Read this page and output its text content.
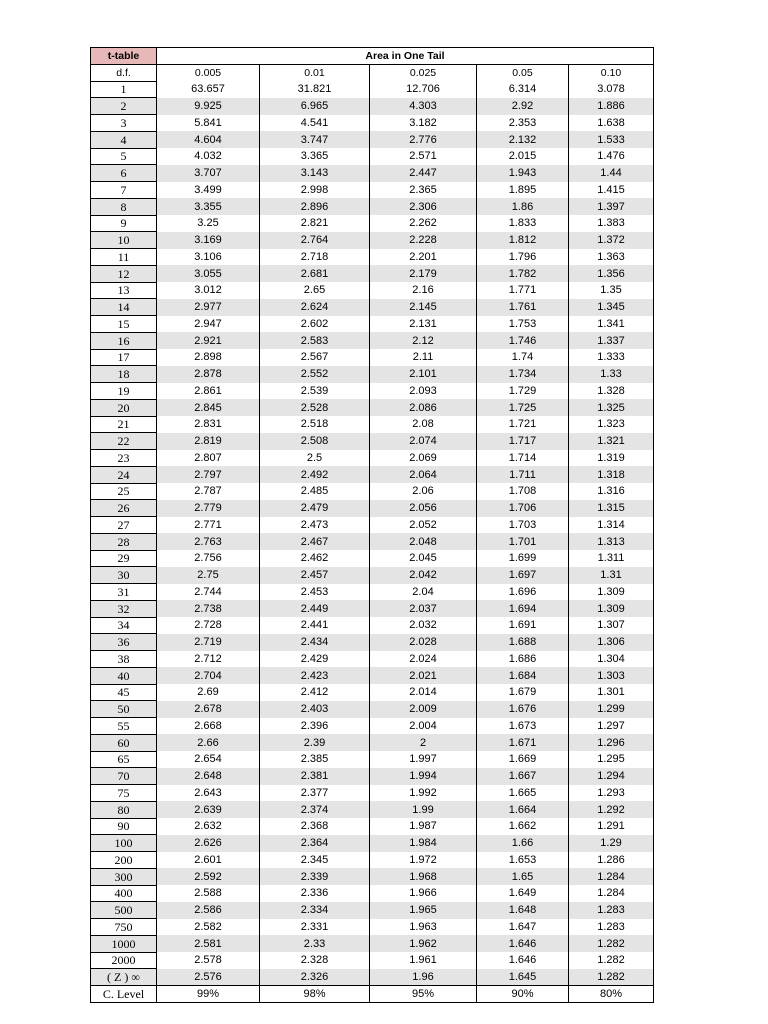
t-table	Area in One Tail				
d.f.	0.005	0.01	0.025	0.05	0.10
1	63.657	31.821	12.706	6.314	3.078
2	9.925	6.965	4.303	2.92	1.886
3	5.841	4.541	3.182	2.353	1.638
4	4.604	3.747	2.776	2.132	1.533
5	4.032	3.365	2.571	2.015	1.476
6	3.707	3.143	2.447	1.943	1.44
7	3.499	2.998	2.365	1.895	1.415
8	3.355	2.896	2.306	1.86	1.397
9	3.25	2.821	2.262	1.833	1.383
10	3.169	2.764	2.228	1.812	1.372
11	3.106	2.718	2.201	1.796	1.363
12	3.055	2.681	2.179	1.782	1.356
13	3.012	2.65	2.16	1.771	1.35
14	2.977	2.624	2.145	1.761	1.345
15	2.947	2.602	2.131	1.753	1.341
16	2.921	2.583	2.12	1.746	1.337
17	2.898	2.567	2.11	1.74	1.333
18	2.878	2.552	2.101	1.734	1.33
19	2.861	2.539	2.093	1.729	1.328
20	2.845	2.528	2.086	1.725	1.325
21	2.831	2.518	2.08	1.721	1.323
22	2.819	2.508	2.074	1.717	1.321
23	2.807	2.5	2.069	1.714	1.319
24	2.797	2.492	2.064	1.711	1.318
25	2.787	2.485	2.06	1.708	1.316
26	2.779	2.479	2.056	1.706	1.315
27	2.771	2.473	2.052	1.703	1.314
28	2.763	2.467	2.048	1.701	1.313
29	2.756	2.462	2.045	1.699	1.311
30	2.75	2.457	2.042	1.697	1.31
31	2.744	2.453	2.04	1.696	1.309
32	2.738	2.449	2.037	1.694	1.309
34	2.728	2.441	2.032	1.691	1.307
36	2.719	2.434	2.028	1.688	1.306
38	2.712	2.429	2.024	1.686	1.304
40	2.704	2.423	2.021	1.684	1.303
45	2.69	2.412	2.014	1.679	1.301
50	2.678	2.403	2.009	1.676	1.299
55	2.668	2.396	2.004	1.673	1.297
60	2.66	2.39	2	1.671	1.296
65	2.654	2.385	1.997	1.669	1.295
70	2.648	2.381	1.994	1.667	1.294
75	2.643	2.377	1.992	1.665	1.293
80	2.639	2.374	1.99	1.664	1.292
90	2.632	2.368	1.987	1.662	1.291
100	2.626	2.364	1.984	1.66	1.29
200	2.601	2.345	1.972	1.653	1.286
300	2.592	2.339	1.968	1.65	1.284
400	2.588	2.336	1.966	1.649	1.284
500	2.586	2.334	1.965	1.648	1.283
750	2.582	2.331	1.963	1.647	1.283
1000	2.581	2.33	1.962	1.646	1.282
2000	2.578	2.328	1.961	1.646	1.282
( Z ) ∞	2.576	2.326	1.96	1.645	1.282
C. Level	99%	98%	95%	90%	80%
